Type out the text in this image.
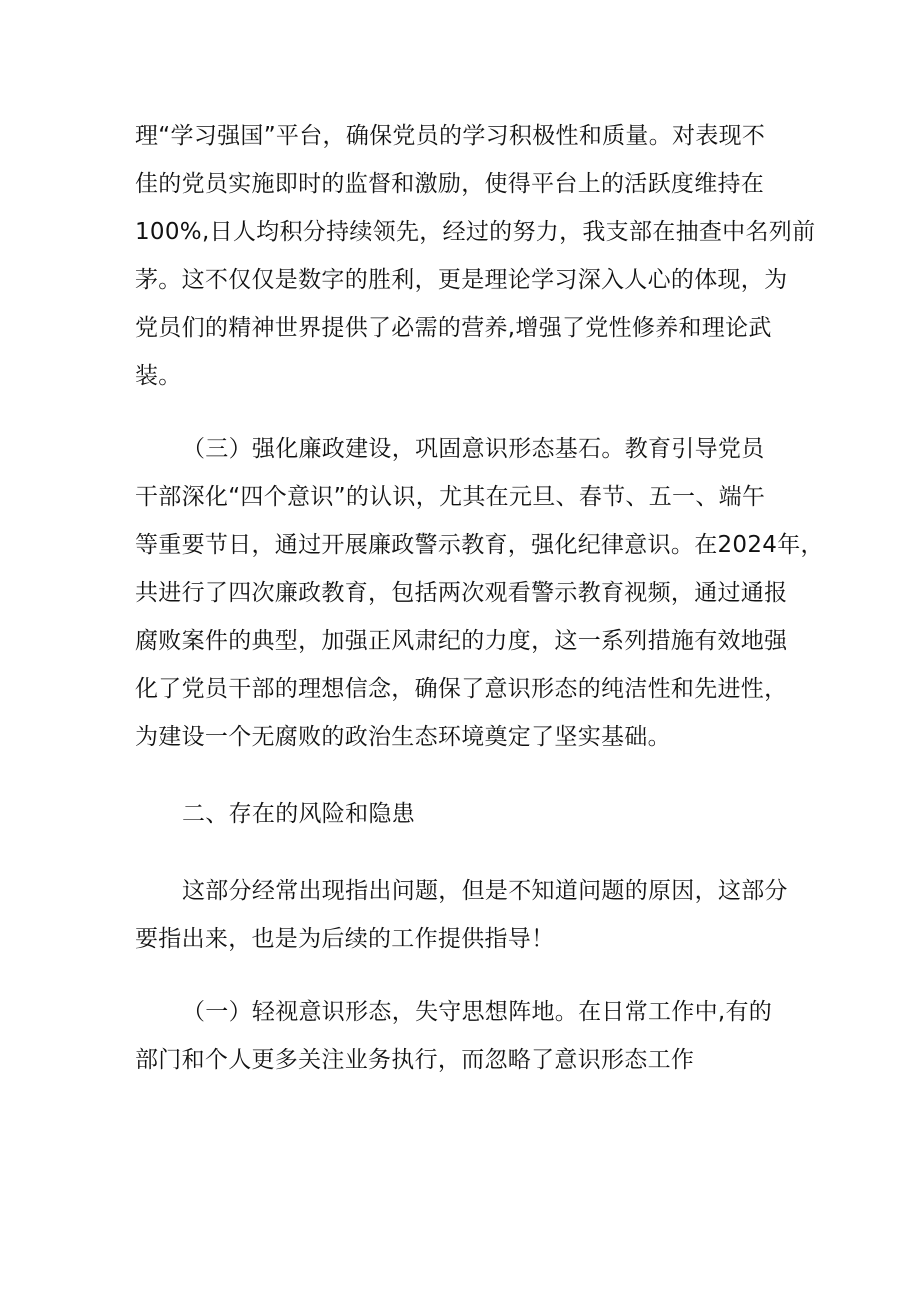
理“学习强国”平台，确保党员的学习积极性和质量。对表现不
佳的党员实施即时的监督和激励，使得平台上的活跃度维持在
100%,日人均积分持续领先，经过的努力，我支部在抽查中名列前
茅。这不仅仅是数字的胜利，更是理论学习深入人心的体现，为
党员们的精神世界提供了必需的营养,增强了党性修养和理论武
装。
（三）强化廉政建设，巩固意识形态基石。教育引导党员
干部深化“四个意识”的认识，尤其在元旦、春节、五一、端午
等重要节日，通过开展廉政警示教育，强化纪律意识。在2024年，
共进行了四次廉政教育，包括两次观看警示教育视频，通过通报
腐败案件的典型，加强正风肃纪的力度，这一系列措施有效地强
化了党员干部的理想信念，确保了意识形态的纯洁性和先进性，
为建设一个无腐败的政治生态环境奠定了坚实基础。
二、存在的风险和隐患
这部分经常出现指出问题，但是不知道问题的原因，这部分
要指出来，也是为后续的工作提供指导！
（一）轻视意识形态，失守思想阵地。在日常工作中,有的
部门和个人更多关注业务执行，而忽略了意识形态工作
